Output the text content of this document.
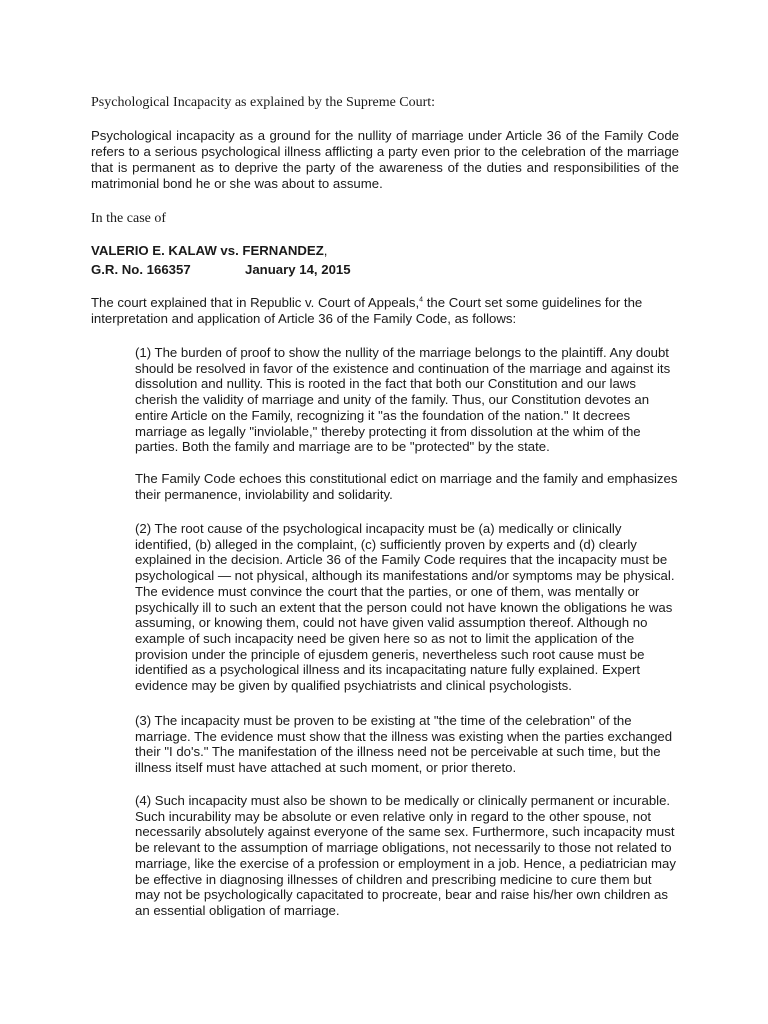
Psychological Incapacity as explained by the Supreme Court:

Psychological incapacity as a ground for the nullity of marriage under Article 36 of the Family Code refers to a serious psychological illness afflicting a party even prior to the celebration of the marriage that is permanent as to deprive the party of the awareness of the duties and responsibilities of the matrimonial bond he or she was about to assume.

In the case of
VALERIO E. KALAW vs. FERNANDEZ,
G.R. No. 166357	January 14, 2015

The court explained that in Republic v. Court of Appeals,$^4$ the Court set some guidelines for the interpretation and application of Article 36 of the Family Code, as follows:

(1) The burden of proof to show the nullity of the marriage belongs to the plaintiff. Any doubt should be resolved in favor of the existence and continuation of the marriage and against its dissolution and nullity. This is rooted in the fact that both our Constitution and our laws cherish the validity of marriage and unity of the family. Thus, our Constitution devotes an entire Article on the Family, recognizing it "as the foundation of the nation." It decrees marriage as legally "inviolable," thereby protecting it from dissolution at the whim of the parties. Both the family and marriage are to be "protected" by the state.

The Family Code echoes this constitutional edict on marriage and the family and emphasizes their permanence, inviolability and solidarity.

(2) The root cause of the psychological incapacity must be (a) medically or clinically identified, (b) alleged in the complaint, (c) sufficiently proven by experts and (d) clearly explained in the decision. Article 36 of the Family Code requires that the incapacity must be psychological — not physical, although its manifestations and/or symptoms may be physical. The evidence must convince the court that the parties, or one of them, was mentally or psychically ill to such an extent that the person could not have known the obligations he was assuming, or knowing them, could not have given valid assumption thereof. Although no example of such incapacity need be given here so as not to limit the application of the provision under the principle of ejusdem generis, nevertheless such root cause must be identified as a psychological illness and its incapacitating nature fully explained. Expert evidence may be given by qualified psychiatrists and clinical psychologists.

(3) The incapacity must be proven to be existing at "the time of the celebration" of the marriage. The evidence must show that the illness was existing when the parties exchanged their "I do's." The manifestation of the illness need not be perceivable at such time, but the illness itself must have attached at such moment, or prior thereto.

(4) Such incapacity must also be shown to be medically or clinically permanent or incurable. Such incurability may be absolute or even relative only in regard to the other spouse, not necessarily absolutely against everyone of the same sex. Furthermore, such incapacity must be relevant to the assumption of marriage obligations, not necessarily to those not related to marriage, like the exercise of a profession or employment in a job. Hence, a pediatrician may be effective in diagnosing illnesses of children and prescribing medicine to cure them but may not be psychologically capacitated to procreate, bear and raise his/her own children as an essential obligation of marriage.
